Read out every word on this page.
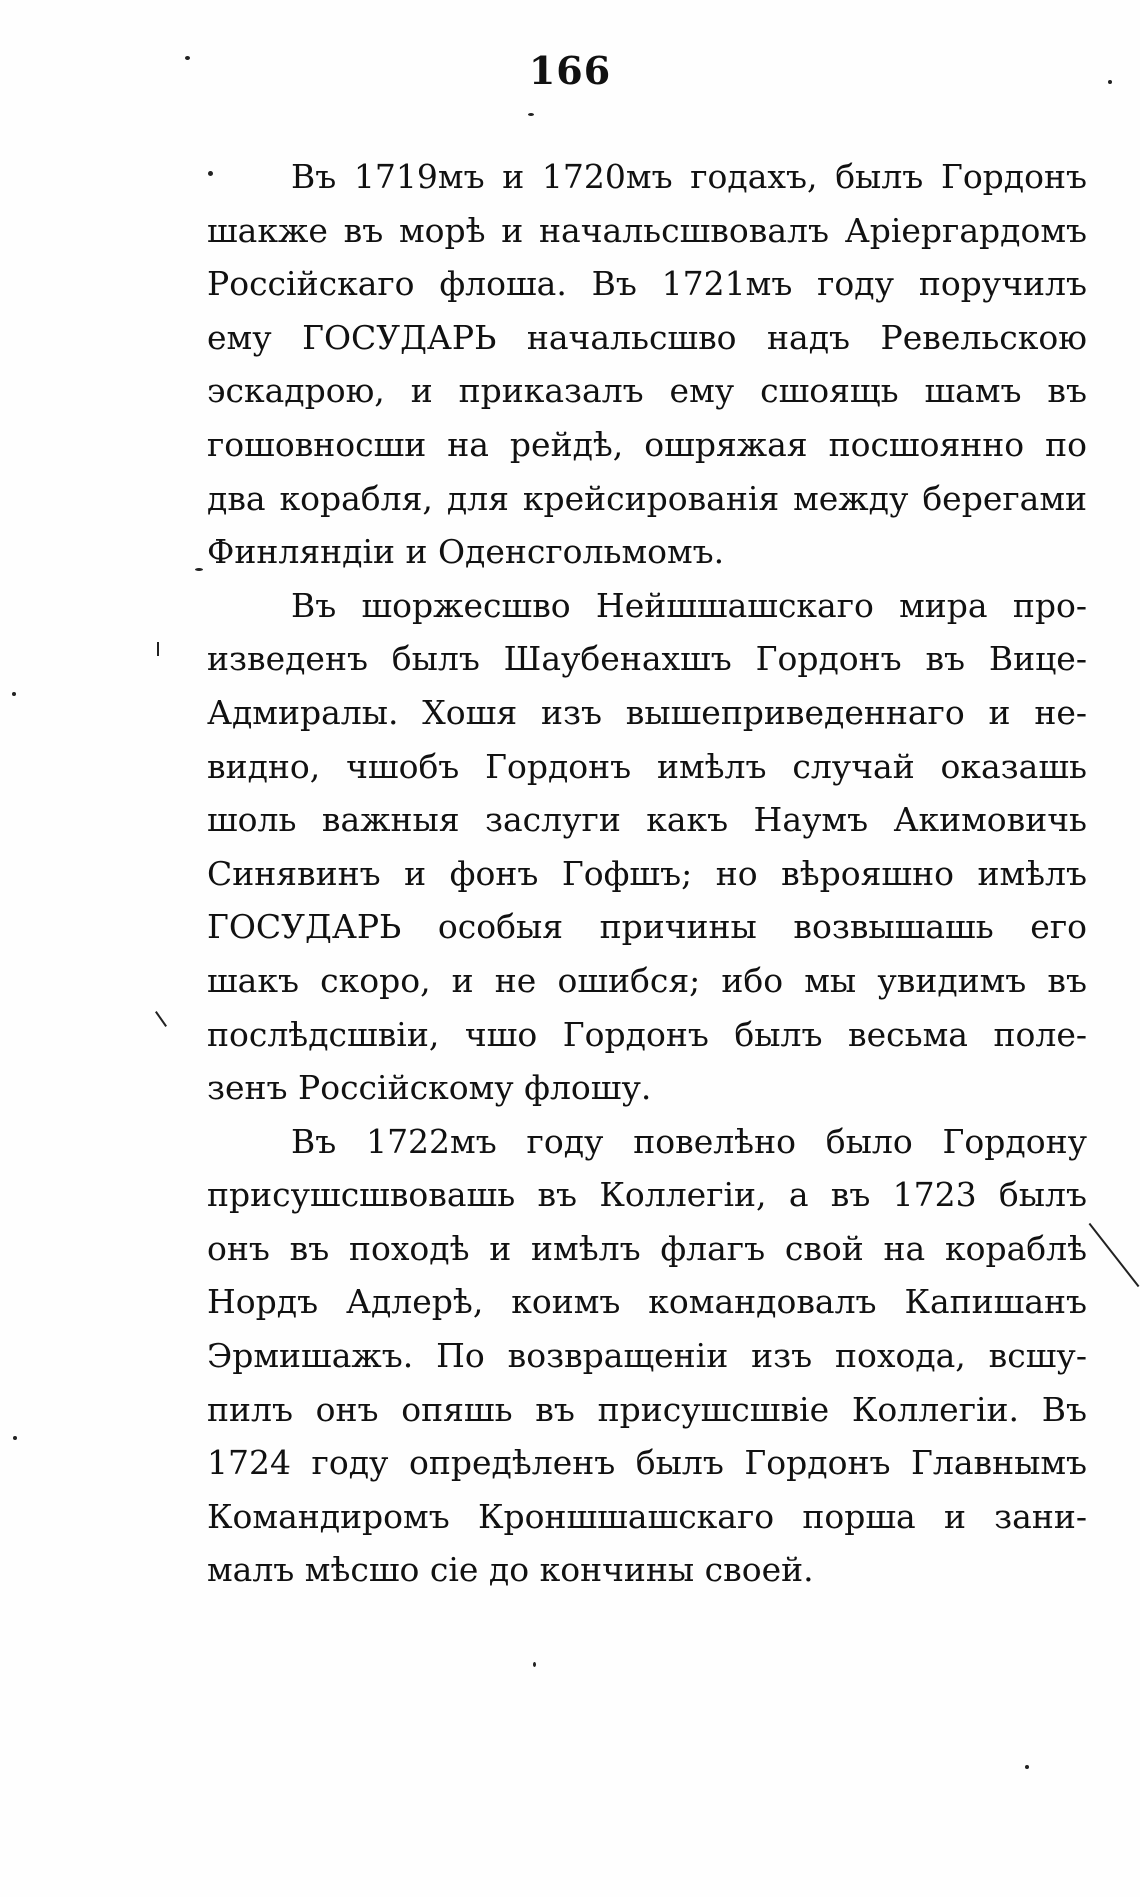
166
Въ 1719мъ и 1720мъ годахъ, былъ Гордонъ
шакже въ морѣ и начальсшвовалъ Аріергардомъ
Россійскаго флоша. Въ 1721мъ году поручилъ
ему ГОСУДАРЬ начальсшво надъ Ревельскою
эскадрою, и приказалъ ему сшоящь шамъ въ
гошовносши на рейдѣ, ошряжая посшоянно по
два корабля, для крейсированія между берегами
Финляндіи и Оденсгольмомъ.
Въ шоржесшво Нейшшашскаго мира про-
изведенъ былъ Шаубенахшъ Гордонъ въ Вице-
Адмиралы. Хошя изъ вышеприведеннаго и не-
видно, чшобъ Гордонъ имѣлъ случай оказашь
шоль важныя заслуги какъ Наумъ Акимовичь
Синявинъ и фонъ Гофшъ; но вѣрояшно имѣлъ
ГОСУДАРЬ особыя причины возвышашь его
шакъ скоро, и не ошибся; ибо мы увидимъ въ
послѣдсшвіи, чшо Гордонъ былъ весьма поле-
зенъ Россійскому флошу.
Въ 1722мъ году повелѣно было Гордону
присушсшвовашь въ Коллегіи, а въ 1723 былъ
онъ въ походѣ и имѣлъ флагъ свой на кораблѣ
Нордъ Адлерѣ, коимъ командовалъ Капишанъ
Эрмишажъ. По возвращеніи изъ похода, всшу-
пилъ онъ опяшь въ присушсшвіе Коллегіи. Въ
1724 году опредѣленъ былъ Гордонъ Главнымъ
Командиромъ Кроншшашскаго порша и зани-
малъ мѣсшо сіе до кончины своей.
